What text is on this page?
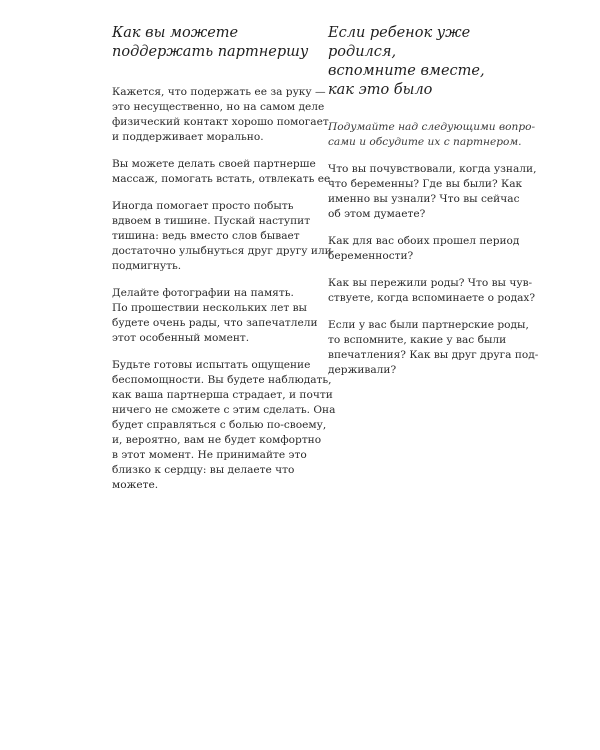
Как вы можете
поддержать партнершу

Кажется, что подержать ее за руку —
это несущественно, но на самом деле
физический контакт хорошо помогает
и поддерживает морально.

Вы можете делать своей партнерше
массаж, помогать встать, отвлекать ее.

Иногда помогает просто побыть
вдвоем в тишине. Пускай наступит
тишина: ведь вместо слов бывает
достаточно улыбнуться друг другу или
подмигнуть.

Делайте фотографии на память.
По прошествии нескольких лет вы
будете очень рады, что запечатлели
этот особенный момент.

Будьте готовы испытать ощущение
беспомощности. Вы будете наблюдать,
как ваша партнерша страдает, и почти
ничего не сможете с этим сделать. Она
будет справляться с болью по-своему,
и, вероятно, вам не будет комфортно
в этот момент. Не принимайте это
близко к сердцу: вы делаете что
можете.

Если ребенок уже родился,
вспомните вместе,
как это было

Подумайте над следующими вопро-
сами и обсудите их с партнером.

Что вы почувствовали, когда узнали,
что беременны? Где вы были? Как
именно вы узнали? Что вы сейчас
об этом думаете?

Как для вас обоих прошел период
беременности?

Как вы пережили роды? Что вы чув-
ствуете, когда вспоминаете о родах?

Если у вас были партнерские роды,
то вспомните, какие у вас были
впечатления? Как вы друг друга под-
держивали?
